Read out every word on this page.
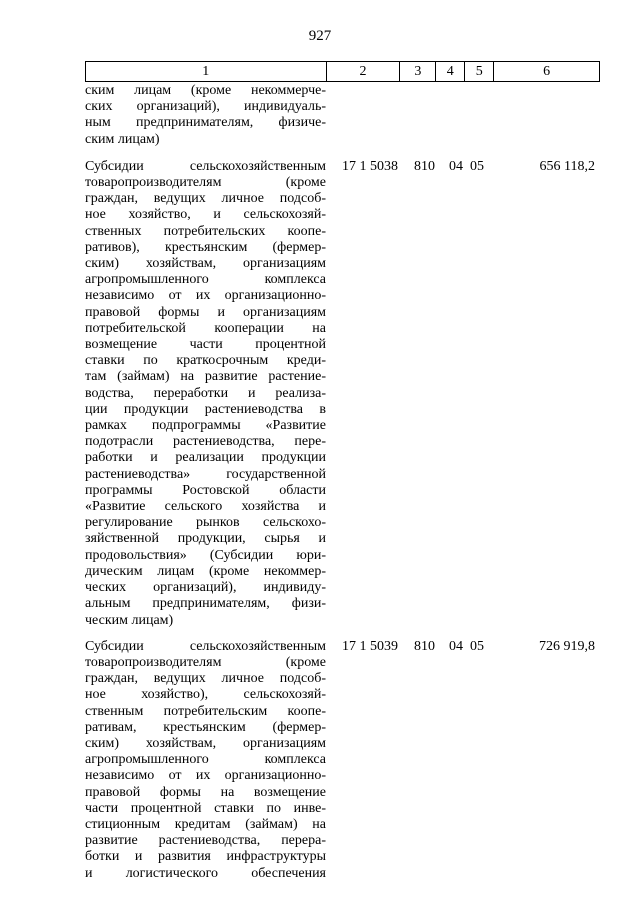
927
1	2	3	4	5	6
ским лицам (кроме некоммерче-
ских организаций), индивидуаль-
ным предпринимателям, физиче-
ским лицам)
Субсидии сельскохозяйственным
товаропроизводителям (кроме
граждан, ведущих личное подсоб-
ное хозяйство, и сельскохозяй-
ственных потребительских коопе-
ративов), крестьянским (фермер-
ским) хозяйствам, организациям
агропромышленного комплекса
независимо от их организационно-
правовой формы и организациям
потребительской кооперации на
возмещение части процентной
ставки по краткосрочным креди-
там (займам) на развитие растение-
водства, переработки и реализа-
ции продукции растениеводства в
рамках подпрограммы «Развитие
подотрасли растениеводства, пере-
работки и реализации продукции
растениеводства» государственной
программы Ростовской области
«Развитие сельского хозяйства и
регулирование рынков сельскохо-
зяйственной продукции, сырья и
продовольствия» (Субсидии юри-
дическим лицам (кроме некоммер-
ческих организаций), индивиду-
альным предпринимателям, физи-
ческим лицам)
17 1 5038	810	04 05	656 118,2
Субсидии сельскохозяйственным
товаропроизводителям (кроме
граждан, ведущих личное подсоб-
ное хозяйство), сельскохозяй-
ственным потребительским коопе-
ративам, крестьянским (фермер-
ским) хозяйствам, организациям
агропромышленного комплекса
независимо от их организационно-
правовой формы на возмещение
части процентной ставки по инве-
стиционным кредитам (займам) на
развитие растениеводства, перера-
ботки и развития инфраструктуры
и логистического обеспечения
17 1 5039	810	04 05	726 919,8
